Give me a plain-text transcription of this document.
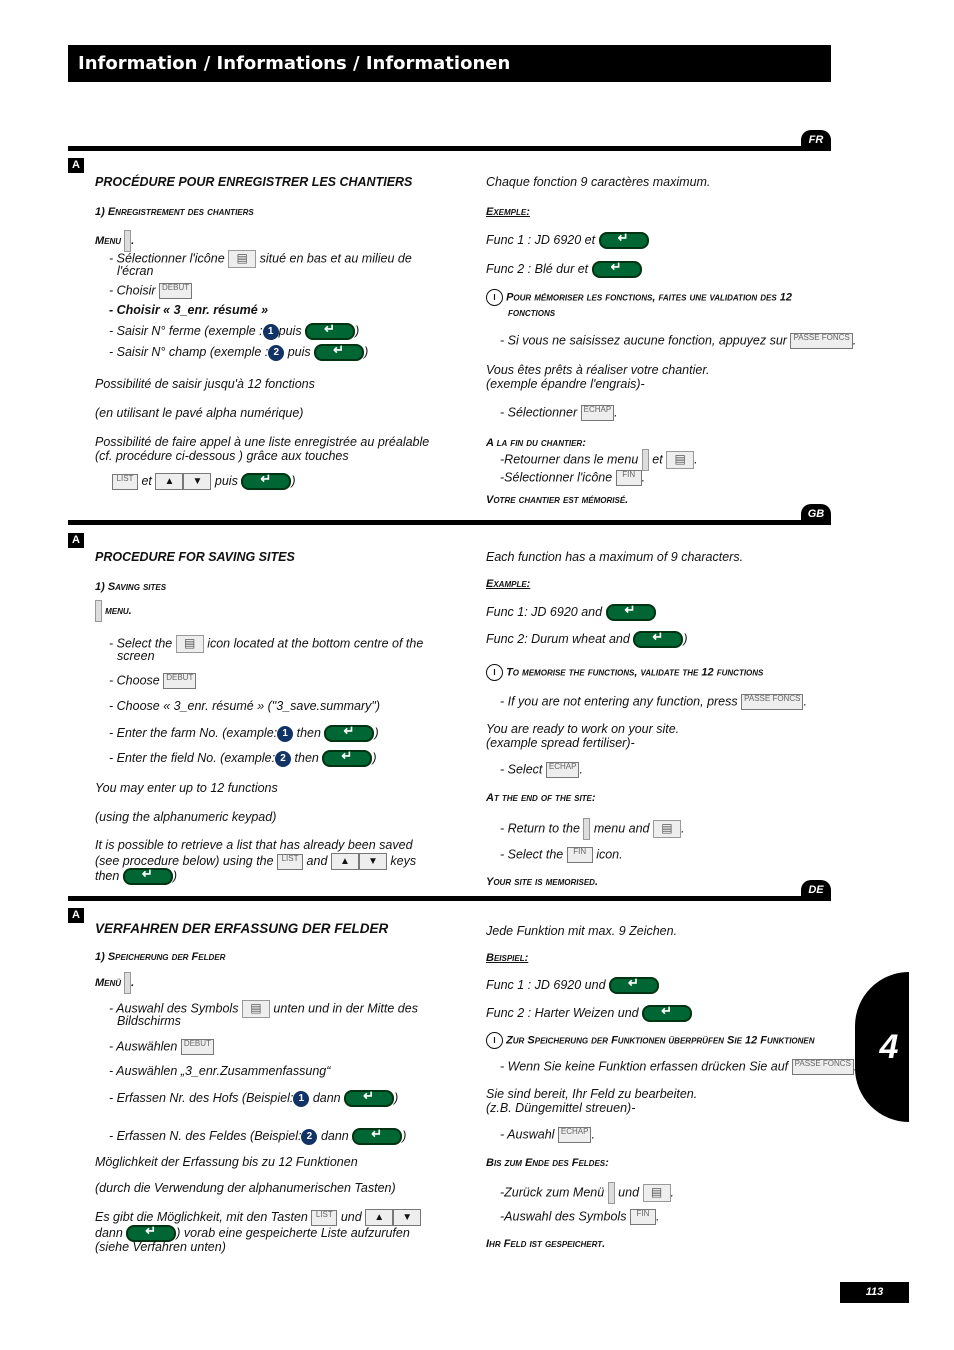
Information / Informations / Informationen
FR
A

PROCÉDURE POUR ENREGISTRER LES CHANTIERS

1) Enregistrement des chantiers

Menu .

- Sélectionner l'icône ▤ situé en bas et au milieu de

l'écran

- Choisir DEBUT

- Choisir « 3_enr. résumé »

- Saisir N° ferme (exemple : 1 puis ↵	)

- Saisir N° champ (exemple : 2 puis ↵	)

Possibilité de saisir jusqu'à 12 fonctions

(en utilisant le pavé alpha numérique)

Possibilité de faire appel à une liste enregistrée au préalable

(cf. procédure ci-dessous ) grâce aux touches

LIST et ▲ ▼ puis ↵	)

Chaque fonction 9 caractères maximum.

Exemple:

Func 1 : JD 6920 et ↵

Func 2 : Blé dur et ↵

i Pour mémoriser les fonctions, faites une validation des 12

fonctions

- Si vous ne saisissez aucune fonction, appuyez sur PASSE FONCS .

Vous êtes prêts à réaliser votre chantier.

(exemple épandre l'engrais)-

- Sélectionner ECHAP .

A la fin du chantier:

-Retourner dans le menu et ▤ .

-Sélectionner l'icône FIN .

Votre chantier est mémorisé.

GB
A

PROCEDURE FOR SAVING SITES

1) Saving sites

menu.

- Select the ▤ icon located at the bottom centre of the

screen

- Choose DEBUT

- Choose « 3_enr. résumé » ("3_save.summary")

- Enter the farm No. (example: 1 then ↵	)

- Enter the field No. (example: 2 then ↵	)

You may enter up to 12 functions

(using the alphanumeric keypad)

It is possible to retrieve a list that has already been saved

(see procedure below) using the LIST and ▲ ▼ keys

then ↵	)

Each function has a maximum of 9 characters.

Example:

Func 1: JD 6920 and ↵

Func 2: Durum wheat and ↵	)

i To memorise the functions, validate the 12 functions

- If you are not entering any function, press PASSE FONCS .

You are ready to work on your site.

(example spread fertiliser)-

- Select ECHAP .

At the end of the site:

- Return to the menu and ▤ .

- Select the FIN icon.

Your site is memorised.

DE
A

VERFAHREN DER ERFASSUNG DER FELDER

1) Speicherung der Felder

Menü .

- Auswahl des Symbols ▤ unten und in der Mitte des

Bildschirms

- Auswählen DEBUT

- Auswählen „3_enr.Zusammenfassung“

- Erfassen Nr. des Hofs (Beispiel: 1 dann ↵	)

- Erfassen N. des Feldes (Beispiel: 2 dann ↵	)

Möglichkeit der Erfassung bis zu 12 Funktionen

(durch die Verwendung der alphanumerischen Tasten)

Es gibt die Möglichkeit, mit den Tasten LIST und ▲ ▼

dann ↵	) vorab eine gespeicherte Liste aufzurufen

(siehe Verfahren unten)

Jede Funktion mit max. 9 Zeichen.

Beispiel:

Func 1 : JD 6920 und ↵

Func 2 : Harter Weizen und ↵

i Zur Speicherung der Funktionen überprüfen Sie 12 Funktionen

- Wenn Sie keine Funktion erfassen drücken Sie auf PASSE FONCS

Sie sind bereit, Ihr Feld zu bearbeiten.

(z.B. Düngemittel streuen)-

- Auswahl ECHAP .

Bis zum Ende des Feldes:

-Zurück zum Menü und ▤ .

-Auswahl des Symbols FIN .

Ihr Feld ist gespeichert.

4
113
